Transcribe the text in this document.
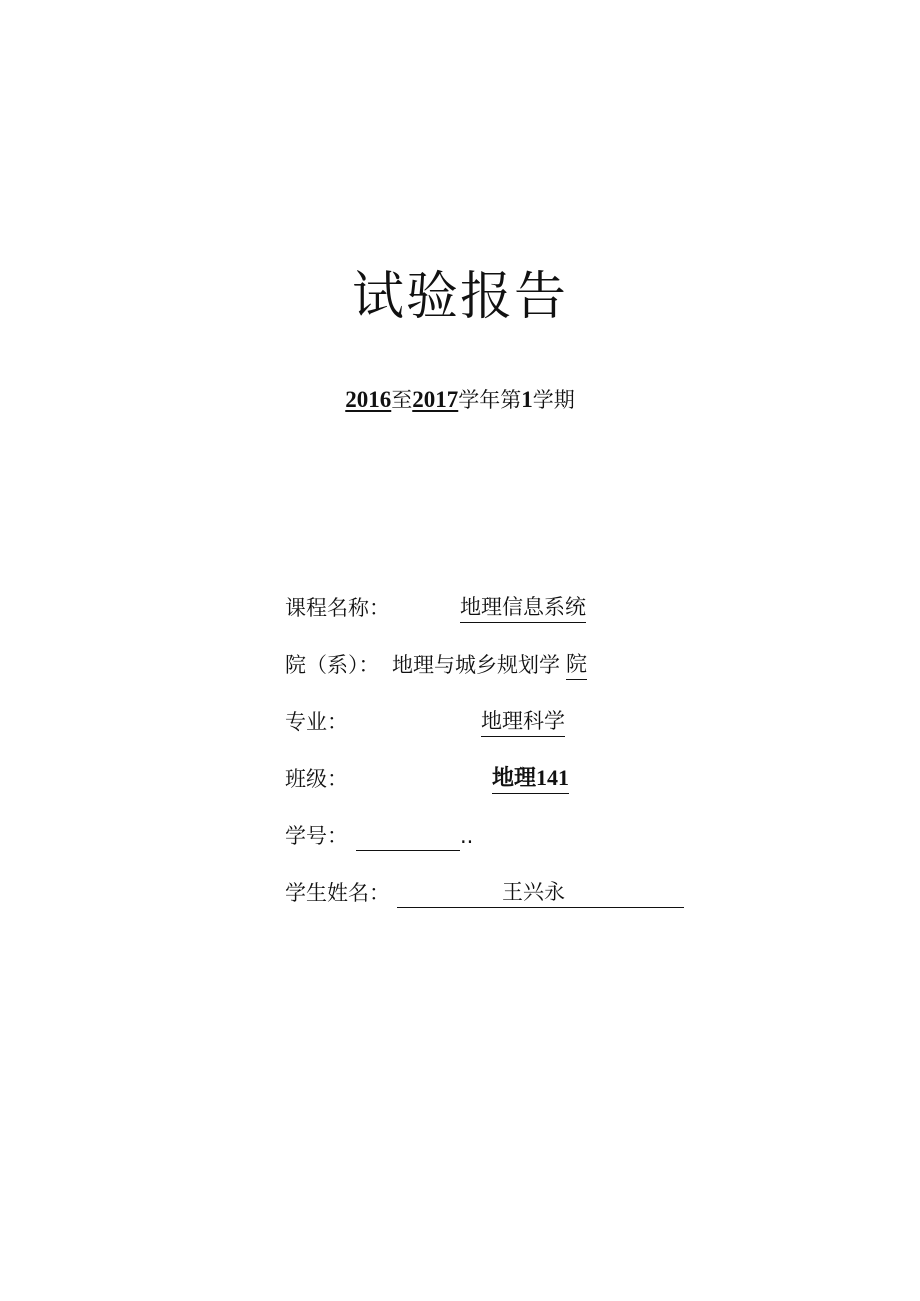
试验报告
2016至2017学年第1学期
课程名称：	地理信息系统
院（系）： 地理与城乡规划学 院
专业：	地理科学
班级：	地理141
学号：	..
学生姓名：	王兴永
